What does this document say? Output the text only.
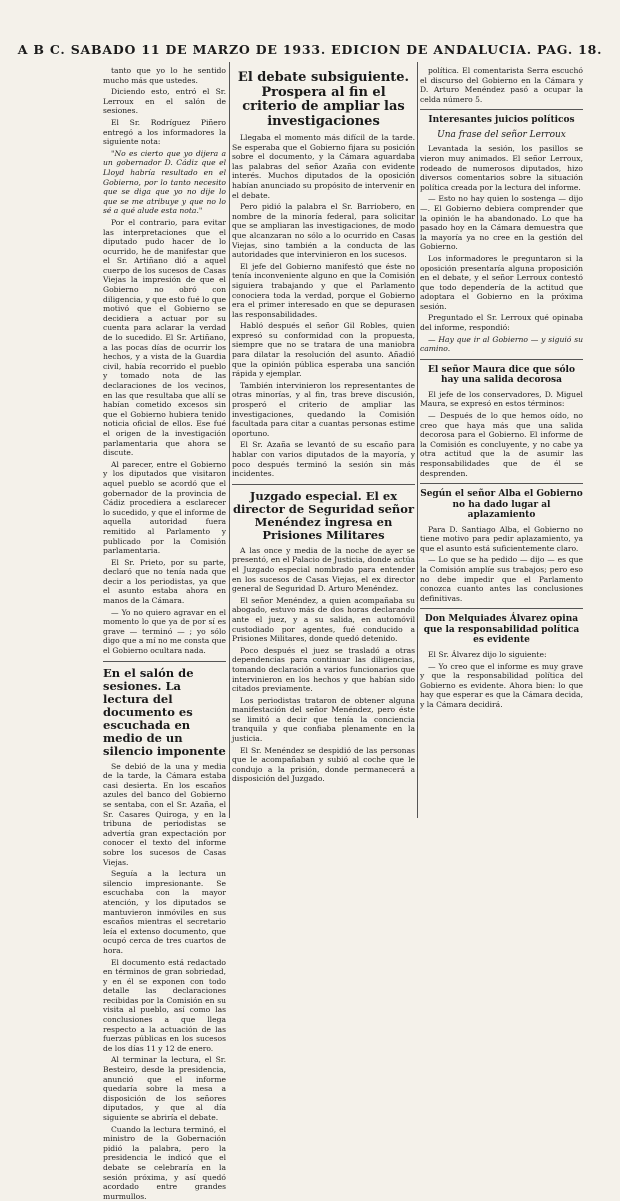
A B C. SABADO 11 DE MARZO DE 1933. EDICION DE ANDALUCIA. PAG. 18.

tanto que yo lo he sentido mucho más que ustedes.

Diciendo esto, entró el Sr. Lerroux en el salón de sesiones.

El Sr. Rodríguez Piñero entregó a los informadores la siguiente nota:

"No es cierto que yo dijera a un gobernador D. Cádiz que el Lloyd habría resultado en el Gobierno, por lo tanto necesito que se diga que yo no dije lo que se me atribuye y que no lo sé a qué alude esta nota."

Por el contrario, para evitar las interpretaciones que el diputado pudo hacer de lo ocurrido, he de manifestar que el Sr. Artiñano dió a aquel cuerpo de los sucesos de Casas Viejas la impresión de que el Gobierno no obró con diligencia, y que esto fué lo que motivó que el Gobierno se decidiera a actuar por su cuenta para aclarar la verdad de lo sucedido. El Sr. Artiñano, a las pocas días de ocurrir los hechos, y a vista de la Guardia civil, había recorrido el pueblo y tomado nota de las declaraciones de los vecinos, en las que resultaba que allí se habían cometido excesos sin que el Gobierno hubiera tenido noticia oficial de ellos. Ese fué el origen de la investigación parlamentaria que ahora se discute.

Al parecer, entre el Gobierno y los diputados que visitaron aquel pueblo se acordó que el gobernador de la provincia de Cádiz procediera a esclarecer lo sucedido, y que el informe de aquella autoridad fuera remitido al Parlamento y publicado por la Comisión parlamentaria.

El Sr. Prieto, por su parte, declaró que no tenía nada que decir a los periodistas, ya que el asunto estaba ahora en manos de la Cámara.

— Yo no quiero agravar en el momento lo que ya de por sí es grave — terminó — ; yo sólo digo que a mí no me consta que el Gobierno ocultara nada.

En el salón de sesiones. La lectura del documento es escuchada en medio de un silencio imponente

Se debió de la una y media de la tarde, la Cámara estaba casi desierta. En los escaños azules del banco del Gobierno se sentaba, con el Sr. Azaña, el Sr. Casares Quiroga, y en la tribuna de periodistas se advertía gran expectación por conocer el texto del informe sobre los sucesos de Casas Viejas.

Seguía a la lectura un silencio impresionante. Se escuchaba con la mayor atención, y los diputados se mantuvieron inmóviles en sus escaños mientras el secretario leía el extenso documento, que ocupó cerca de tres cuartos de hora.

El documento está redactado en términos de gran sobriedad, y en él se exponen con todo detalle las declaraciones recibidas por la Comisión en su visita al pueblo, así como las conclusiones a que llega respecto a la actuación de las fuerzas públicas en los sucesos de los días 11 y 12 de enero.

Al terminar la lectura, el Sr. Besteiro, desde la presidencia, anunció que el informe quedaría sobre la mesa a disposición de los señores diputados, y que al día siguiente se abriría el debate.

Cuando la lectura terminó, el ministro de la Gobernación pidió la palabra, pero la presidencia le indicó que el debate se celebraría en la sesión próxima, y así quedó acordado entre grandes murmullos.

El debate subsiguiente. Prospera al fin el criterio de ampliar las investigaciones

Llegaba el momento más difícil de la tarde. Se esperaba que el Gobierno fijara su posición sobre el documento, y la Cámara aguardaba las palabras del señor Azaña con evidente interés. Muchos diputados de la oposición habían anunciado su propósito de intervenir en el debate.

Pero pidió la palabra el Sr. Barriobero, en nombre de la minoría federal, para solicitar que se ampliaran las investigaciones, de modo que alcanzaran no sólo a lo ocurrido en Casas Viejas, sino también a la conducta de las autoridades que intervinieron en los sucesos.

El jefe del Gobierno manifestó que éste no tenía inconveniente alguno en que la Comisión siguiera trabajando y que el Parlamento conociera toda la verdad, porque el Gobierno era el primer interesado en que se depurasen las responsabilidades.

Habló después el señor Gil Robles, quien expresó su conformidad con la propuesta, siempre que no se tratara de una maniobra para dilatar la resolución del asunto. Añadió que la opinión pública esperaba una sanción rápida y ejemplar.

También intervinieron los representantes de otras minorías, y al fin, tras breve discusión, prosperó el criterio de ampliar las investigaciones, quedando la Comisión facultada para citar a cuantas personas estime oportuno.

El Sr. Azaña se levantó de su escaño para hablar con varios diputados de la mayoría, y poco después terminó la sesión sin más incidentes.

Juzgado especial. El ex director de Seguridad señor Menéndez ingresa en Prisiones Militares

A las once y media de la noche de ayer se presentó, en el Palacio de Justicia, donde actúa el Juzgado especial nombrado para entender en los sucesos de Casas Viejas, el ex director general de Seguridad D. Arturo Menéndez.

El señor Menéndez, a quien acompañaba su abogado, estuvo más de dos horas declarando ante el juez, y a su salida, en automóvil custodiado por agentes, fué conducido a Prisiones Militares, donde quedó detenido.

Poco después el juez se trasladó a otras dependencias para continuar las diligencias, tomando declaración a varios funcionarios que intervinieron en los hechos y que habían sido citados previamente.

Los periodistas trataron de obtener alguna manifestación del señor Menéndez, pero éste se limitó a decir que tenía la conciencia tranquila y que confiaba plenamente en la justicia.

El Sr. Menéndez se despidió de las personas que le acompañaban y subió al coche que le condujo a la prisión, donde permanecerá a disposición del Juzgado.

política. El comentarista Serra escuchó el discurso del Gobierno en la Cámara y D. Arturo Menéndez pasó a ocupar la celda número 5.

Interesantes juicios políticos
Una frase del señor Lerroux

Levantada la sesión, los pasillos se vieron muy animados. El señor Lerroux, rodeado de numerosos diputados, hizo diversos comentarios sobre la situación política creada por la lectura del informe.

— Esto no hay quien lo sostenga — dijo —. El Gobierno debiera comprender que la opinión le ha abandonado. Lo que ha pasado hoy en la Cámara demuestra que la mayoría ya no cree en la gestión del Gobierno.

Los informadores le preguntaron si la oposición presentaría alguna proposición en el debate, y el señor Lerroux contestó que todo dependería de la actitud que adoptara el Gobierno en la próxima sesión.

Preguntado el Sr. Lerroux qué opinaba del informe, respondió:

— Hay que ir al Gobierno — y siguió su camino.

El señor Maura dice que sólo hay una salida decorosa

El jefe de los conservadores, D. Miguel Maura, se expresó en estos términos:

— Después de lo que hemos oído, no creo que haya más que una salida decorosa para el Gobierno. El informe de la Comisión es concluyente, y no cabe ya otra actitud que la de asumir las responsabilidades que de él se desprenden.

Según el señor Alba el Gobierno no ha dado lugar al aplazamiento

Para D. Santiago Alba, el Gobierno no tiene motivo para pedir aplazamiento, ya que el asunto está suficientemente claro.

— Lo que se ha pedido — dijo — es que la Comisión amplíe sus trabajos; pero eso no debe impedir que el Parlamento conozca cuanto antes las conclusiones definitivas.

Don Melquiades Álvarez opina que la responsabilidad política es evidente

El Sr. Álvarez dijo lo siguiente:

— Yo creo que el informe es muy grave y que la responsabilidad política del Gobierno es evidente. Ahora bien: lo que hay que esperar es que la Cámara decida, y la Cámara decidirá.
